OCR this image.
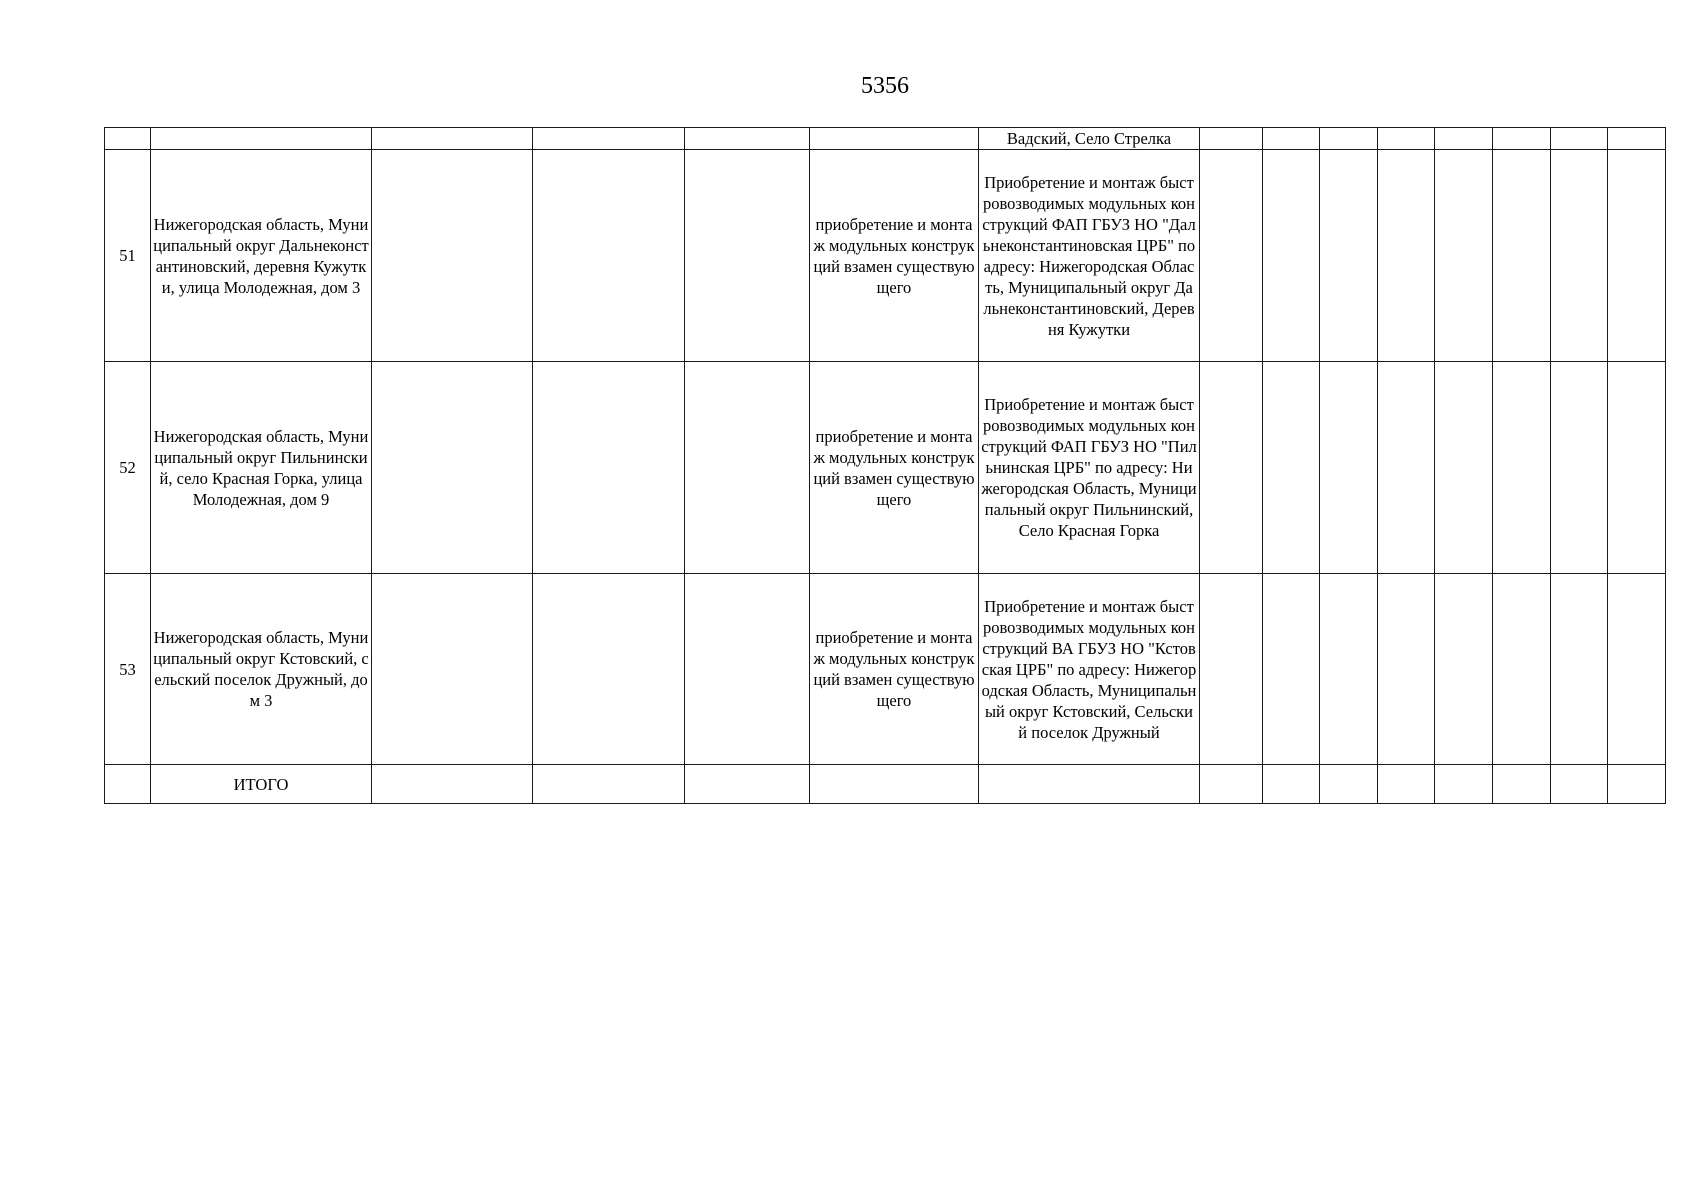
5356
						Вадский, Село Стрелка								
51	Нижегородская область, Муниципальный округ Дальнеконстантиновский, деревня Кужутки, улица Молодежная, дом 3				приобретение и монтаж модульных конструкций взамен существующего	Приобретение и монтаж быстровозводимых модульных конструкций ФАП ГБУЗ НО "Дальнеконстантиновская ЦРБ" по адресу: Нижегородская Область, Муниципальный округ Дальнеконстантиновский, Деревня Кужутки								
52	Нижегородская область, Муниципальный округ Пильнинский, село Красная Горка, улица Молодежная, дом 9				приобретение и монтаж модульных конструкций взамен существующего	Приобретение и монтаж быстровозводимых модульных конструкций ФАП ГБУЗ НО "Пильнинская ЦРБ" по адресу: Нижегородская Область, Муниципальный округ Пильнинский, Село Красная Горка								
53	Нижегородская область, Муниципальный округ Кстовский, сельский поселок Дружный, дом 3				приобретение и монтаж модульных конструкций взамен существующего	Приобретение и монтаж быстровозводимых модульных конструкций ВА ГБУЗ НО "Кстовская ЦРБ" по адресу: Нижегородская Область, Муниципальный округ Кстовский, Сельский поселок Дружный								
	ИТОГО													
